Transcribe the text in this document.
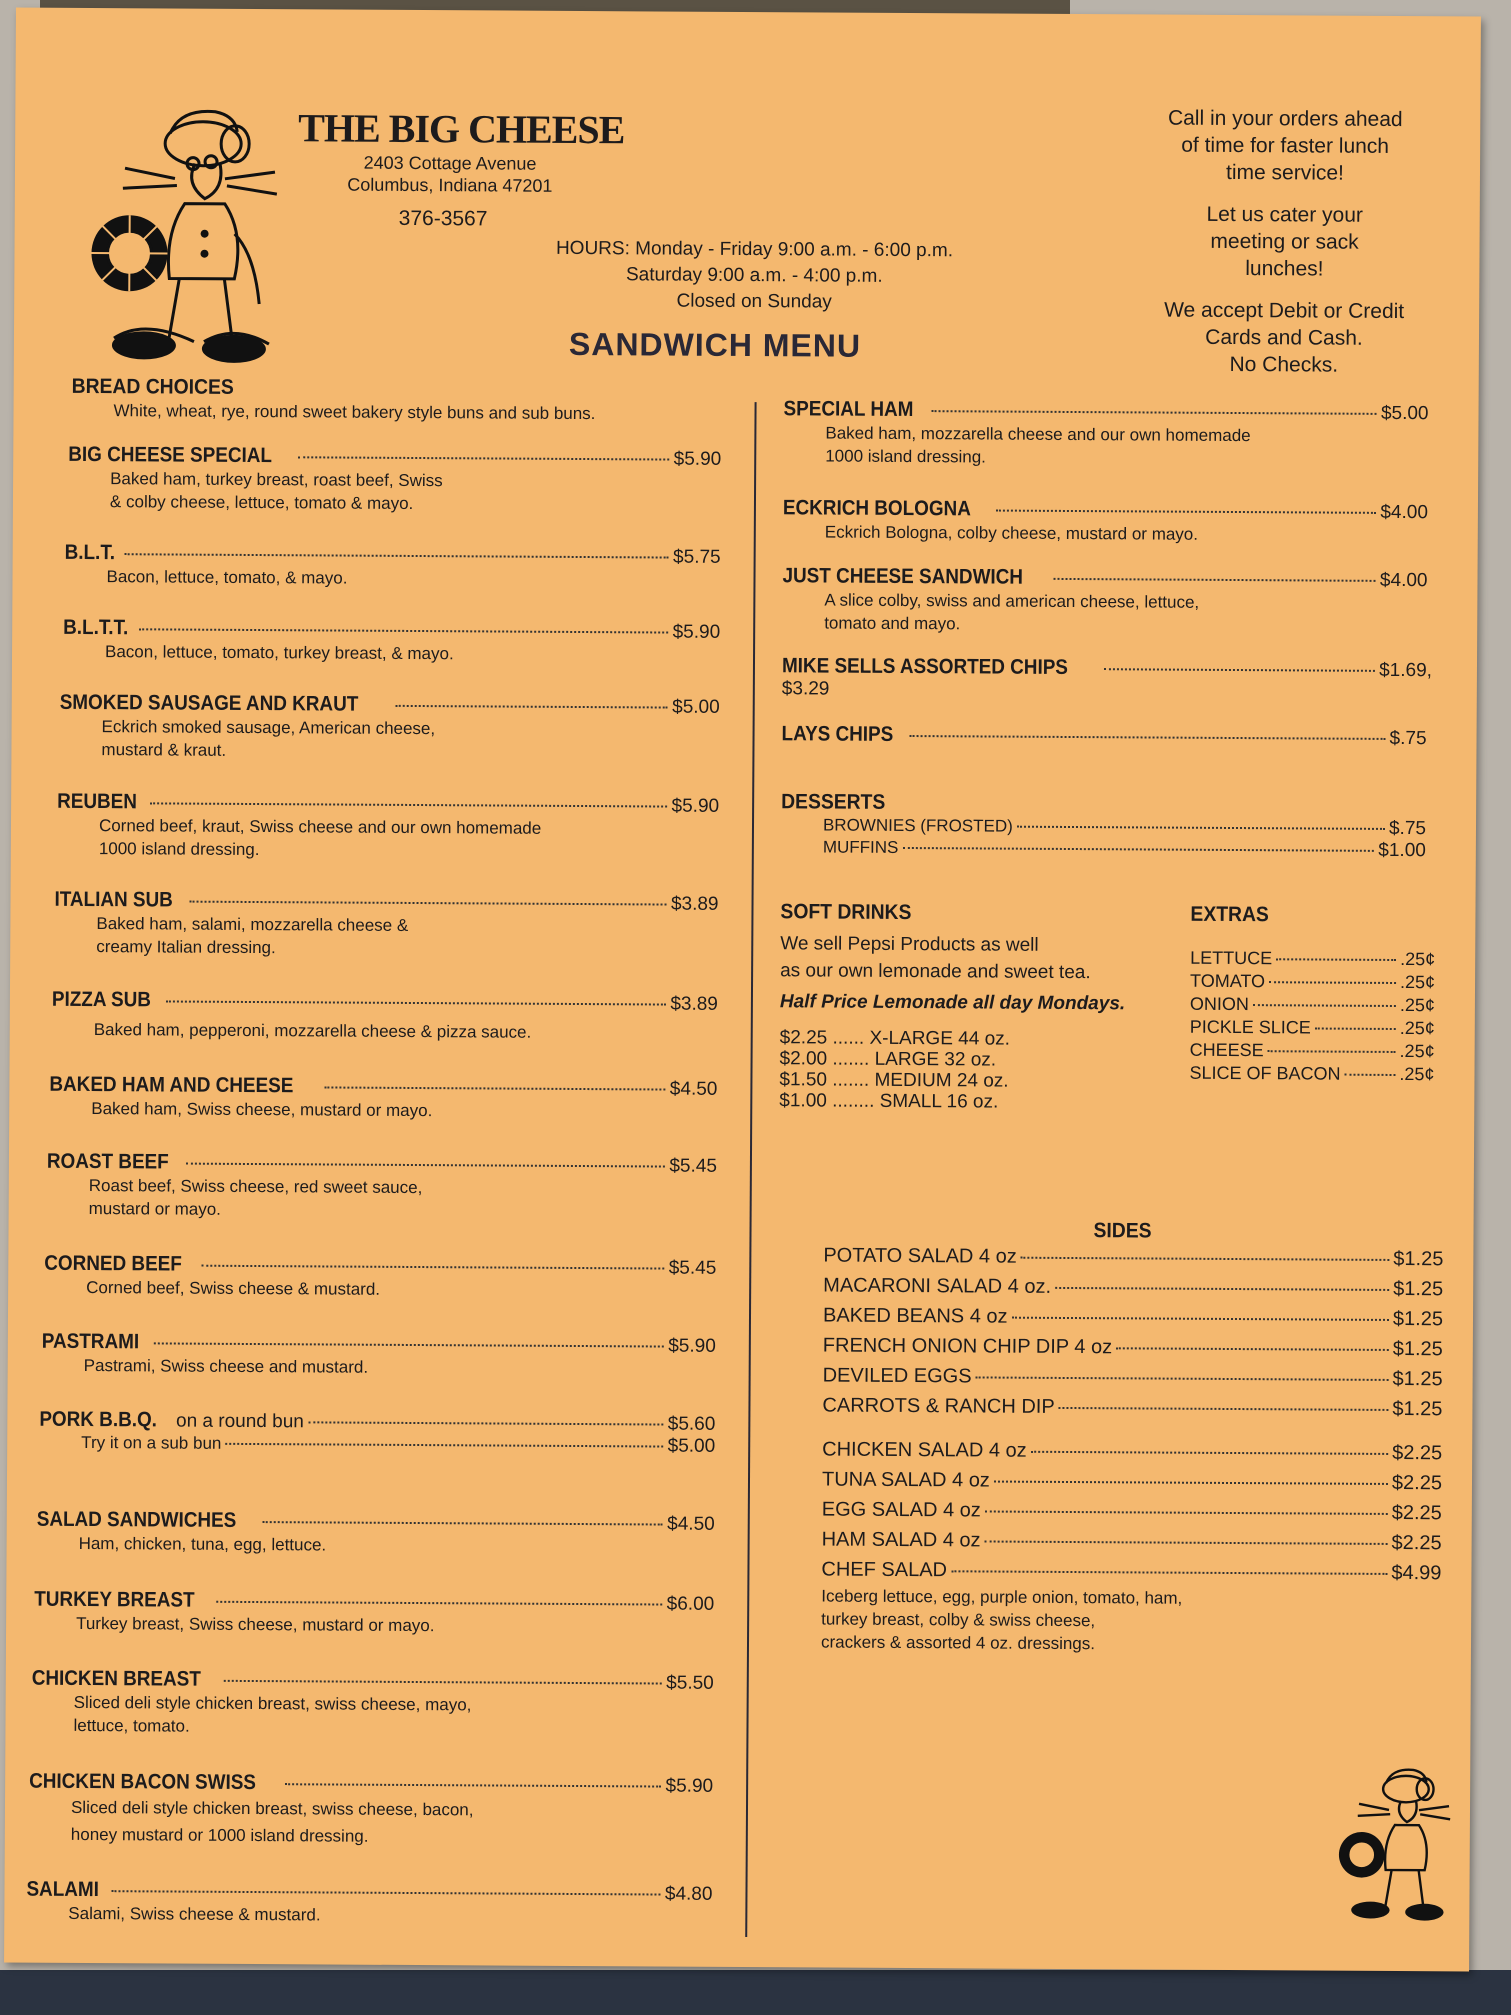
THE BIG CHEESE
2403 Cottage Avenue
Columbus, Indiana 47201
376-3567
HOURS: Monday - Friday 9:00 a.m. - 6:00 p.m.
Saturday 9:00 a.m. - 4:00 p.m.
Closed on Sunday
SANDWICH MENU
Call in your orders ahead
of time for faster lunch
time service!
Let us cater your
meeting or sack
lunches!
We accept Debit or Credit
Cards and Cash.
No Checks.
BREAD CHOICES
White, wheat, rye, round sweet bakery style buns and sub buns.
BIG CHEESE SPECIAL	$5.90
Baked ham, turkey breast, roast beef, Swiss
& colby cheese, lettuce, tomato & mayo.
B.L.T.	$5.75
Bacon, lettuce, tomato, & mayo.
B.L.T.T.	$5.90
Bacon, lettuce, tomato, turkey breast, & mayo.
SMOKED SAUSAGE AND KRAUT	$5.00
Eckrich smoked sausage, American cheese,
mustard & kraut.
REUBEN	$5.90
Corned beef, kraut, Swiss cheese and our own homemade
1000 island dressing.
ITALIAN SUB	$3.89
Baked ham, salami, mozzarella cheese &
creamy Italian dressing.
PIZZA SUB	$3.89
Baked ham, pepperoni, mozzarella cheese & pizza sauce.
BAKED HAM AND CHEESE	$4.50
Baked ham, Swiss cheese, mustard or mayo.
ROAST BEEF	$5.45
Roast beef, Swiss cheese, red sweet sauce,
mustard or mayo.
CORNED BEEF	$5.45
Corned beef, Swiss cheese & mustard.
PASTRAMI	$5.90
Pastrami, Swiss cheese and mustard.
PORK B.B.Q. on a round bun	$5.60
Try it on a sub bun	$5.00
SALAD SANDWICHES	$4.50
Ham, chicken, tuna, egg, lettuce.
TURKEY BREAST	$6.00
Turkey breast, Swiss cheese, mustard or mayo.
CHICKEN BREAST	$5.50
Sliced deli style chicken breast, swiss cheese, mayo,
lettuce, tomato.
CHICKEN BACON SWISS	$5.90
Sliced deli style chicken breast, swiss cheese, bacon,
honey mustard or 1000 island dressing.
SALAMI	$4.80
Salami, Swiss cheese & mustard.
SPECIAL HAM	$5.00
Baked ham, mozzarella cheese and our own homemade
1000 island dressing.
ECKRICH BOLOGNA	$4.00
Eckrich Bologna, colby cheese, mustard or mayo.
JUST CHEESE SANDWICH	$4.00
A slice colby, swiss and american cheese, lettuce,
tomato and mayo.
MIKE SELLS ASSORTED CHIPS	$1.69,
$3.29
LAYS CHIPS	$.75
DESSERTS
BROWNIES (FROSTED)	$.75
MUFFINS	$1.00
SOFT DRINKS
We sell Pepsi Products as well
as our own lemonade and sweet tea.
Half Price Lemonade all day Mondays.
$2.25 ...... X-LARGE 44 oz.
$2.00 ....... LARGE 32 oz.
$1.50 ....... MEDIUM 24 oz.
$1.00 ........ SMALL 16 oz.
EXTRAS
LETTUCE	.25¢
TOMATO	.25¢
ONION	.25¢
PICKLE SLICE	.25¢
CHEESE	.25¢
SLICE OF BACON	.25¢
SIDES
POTATO SALAD 4 oz	$1.25
MACARONI SALAD 4 oz.	$1.25
BAKED BEANS 4 oz	$1.25
FRENCH ONION CHIP DIP 4 oz	$1.25
DEVILED EGGS	$1.25
CARROTS & RANCH DIP	$1.25
CHICKEN SALAD 4 oz	$2.25
TUNA SALAD 4 oz	$2.25
EGG SALAD 4 oz	$2.25
HAM SALAD 4 oz	$2.25
CHEF SALAD	$4.99
Iceberg lettuce, egg, purple onion, tomato, ham,
turkey breast, colby & swiss cheese,
crackers & assorted 4 oz. dressings.
